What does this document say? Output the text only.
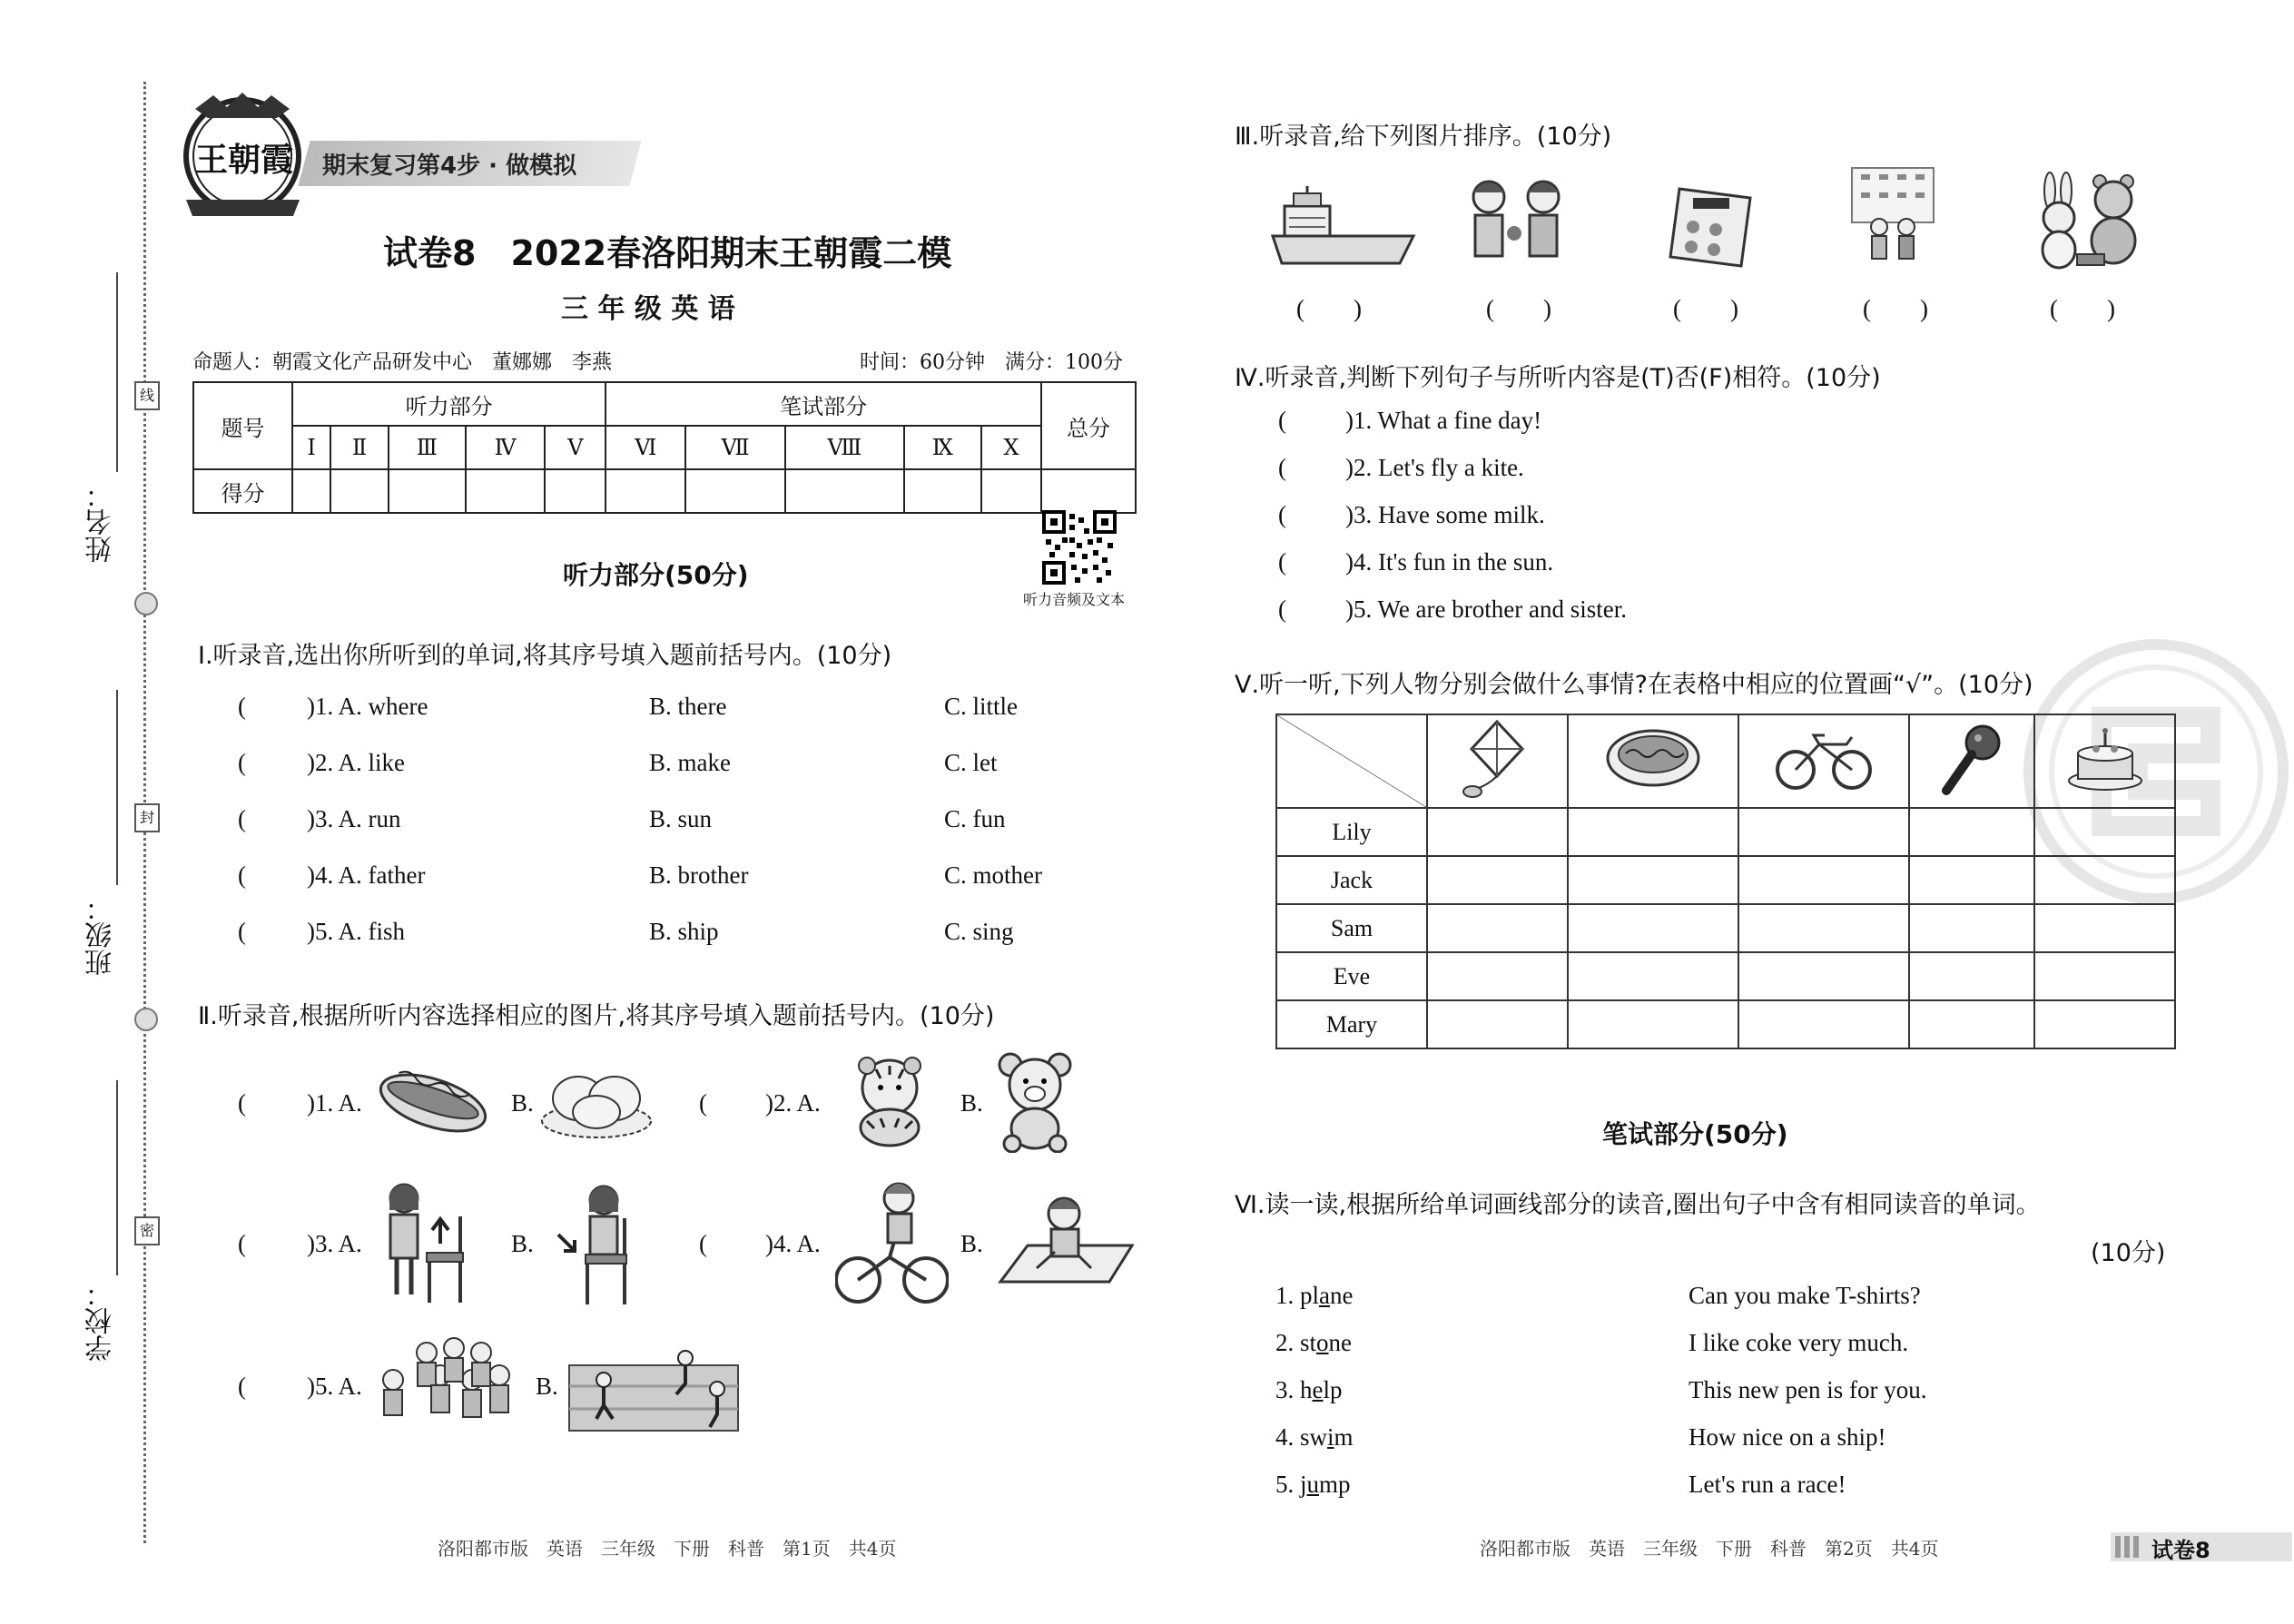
姓名：
班级：
学校：
线
封
密
王朝霞 期末复习第4步 · 做模拟
试卷8　2022春洛阳期末王朝霞二模
三 年 级 英 语
命题人：朝霞文化产品研发中心　董娜娜　李燕	时间：60分钟　满分：100分
题号	听力部分					笔试部分					总分
	Ⅰ	Ⅱ	Ⅲ	Ⅳ	Ⅴ	Ⅵ	Ⅶ	Ⅷ	Ⅸ	Ⅹ	
得分											
听力音频及文本
听力部分(50分)
Ⅰ.听录音,选出你所听到的单词,将其序号填入题前括号内。(10分)
( )1. A. where	B. there	C. little
( )2. A. like	B. make	C. let
( )3. A. run	B. sun	C. fun
( )4. A. father	B. brother	C. mother
( )5. A. fish	B. ship	C. sing
Ⅱ.听录音,根据所听内容选择相应的图片,将其序号填入题前括号内。(10分)
( )1. A.	B.	( )2. A.	B.
( )3. A.	B.	( )4. A.	B.
( )5. A.	B.
洛阳都市版　英语　三年级　下册　科普　第1页　共4页
Ⅲ.听录音,给下列图片排序。(10分)
(　　)	(　　)	(　　)	(　　)	(　　)
Ⅳ.听录音,判断下列句子与所听内容是(T)否(F)相符。(10分)
( )1. What a fine day!
( )2. Let's fly a kite.
( )3. Have some milk.
( )4. It's fun in the sun.
( )5. We are brother and sister.
Ⅴ.听一听,下列人物分别会做什么事情?在表格中相应的位置画“√”。(10分)

Lily					
Jack					
Sam					
Eve					
Mary					
笔试部分(50分)
Ⅵ.读一读,根据所给单词画线部分的读音,圈出句子中含有相同读音的单词。
(10分)
1. plane	Can you make T-shirts?
2. stone	I like coke very much.
3. help	This new pen is for you.
4. swim	How nice on a ship!
5. jump	Let's run a race!
洛阳都市版　英语　三年级　下册　科普　第2页　共4页	试卷8
